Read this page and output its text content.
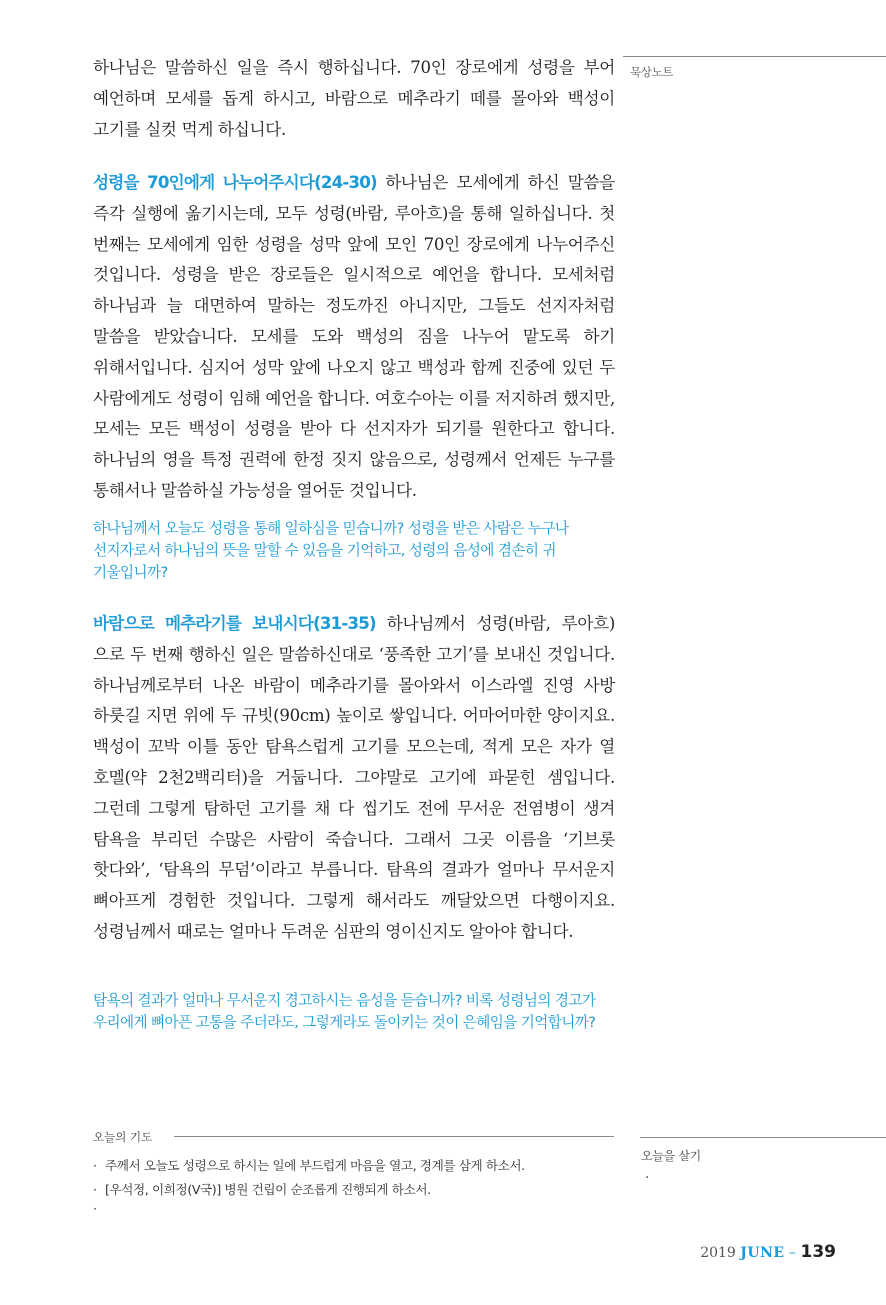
묵상노트

하나님은 말씀하신 일을 즉시 행하십니다. 70인 장로에게 성령을 부어 예언하며 모세를 돕게 하시고, 바람으로 메추라기 떼를 몰아와 백성이 고기를 실컷 먹게 하십니다.

성령을 70인에게 나누어주시다(24-30) 하나님은 모세에게 하신 말씀을 즉각 실행에 옮기시는데, 모두 성령(바람, 루아흐)을 통해 일하십니다. 첫 번째는 모세에게 임한 성령을 성막 앞에 모인 70인 장로에게 나누어주신 것입니다. 성령을 받은 장로들은 일시적으로 예언을 합니다. 모세처럼 하나님과 늘 대면하여 말하는 정도까진 아니지만, 그들도 선지자처럼 말씀을 받았습니다. 모세를 도와 백성의 짐을 나누어 맡도록 하기 위해서입니다. 심지어 성막 앞에 나오지 않고 백성과 함께 진중에 있던 두 사람에게도 성령이 임해 예언을 합니다. 여호수아는 이를 저지하려 했지만, 모세는 모든 백성이 성령을 받아 다 선지자가 되기를 원한다고 합니다. 하나님의 영을 특정 권력에 한정 짓지 않음으로, 성령께서 언제든 누구를 통해서나 말씀하실 가능성을 열어둔 것입니다.

하나님께서 오늘도 성령을 통해 일하심을 믿습니까? 성령을 받은 사람은 누구나 선지자로서 하나님의 뜻을 말할 수 있음을 기억하고, 성령의 음성에 겸손히 귀 기울입니까?

바람으로 메추라기를 보내시다(31-35) 하나님께서 성령(바람, 루아흐)으로 두 번째 행하신 일은 말씀하신대로 ‘풍족한 고기’를 보내신 것입니다. 하나님께로부터 나온 바람이 메추라기를 몰아와서 이스라엘 진영 사방 하룻길 지면 위에 두 규빗(90cm) 높이로 쌓입니다. 어마어마한 양이지요. 백성이 꼬박 이틀 동안 탐욕스럽게 고기를 모으는데, 적게 모은 자가 열 호멜(약 2천2백리터)을 거둡니다. 그야말로 고기에 파묻힌 셈입니다. 그런데 그렇게 탐하던 고기를 채 다 씹기도 전에 무서운 전염병이 생겨 탐욕을 부리던 수많은 사람이 죽습니다. 그래서 그곳 이름을 ‘기브롯 핫다와’, ‘탐욕의 무덤’이라고 부릅니다. 탐욕의 결과가 얼마나 무서운지 뼈아프게 경험한 것입니다. 그렇게 해서라도 깨달았으면 다행이지요. 성령님께서 때로는 얼마나 두려운 심판의 영이신지도 알아야 합니다.

탐욕의 결과가 얼마나 무서운지 경고하시는 음성을 듣습니까? 비록 성령님의 경고가 우리에게 뼈아픈 고통을 주더라도, 그렇게라도 돌이키는 것이 은혜임을 기억합니까?

오늘의 기도
· 주께서 오늘도 성령으로 하시는 일에 부드럽게 마음을 열고, 경계를 삼게 하소서.
· [우석정, 이희정(V국)] 병원 건립이 순조롭게 진행되게 하소서.
·
오늘을 살기
·
2019 JUNE – 139
